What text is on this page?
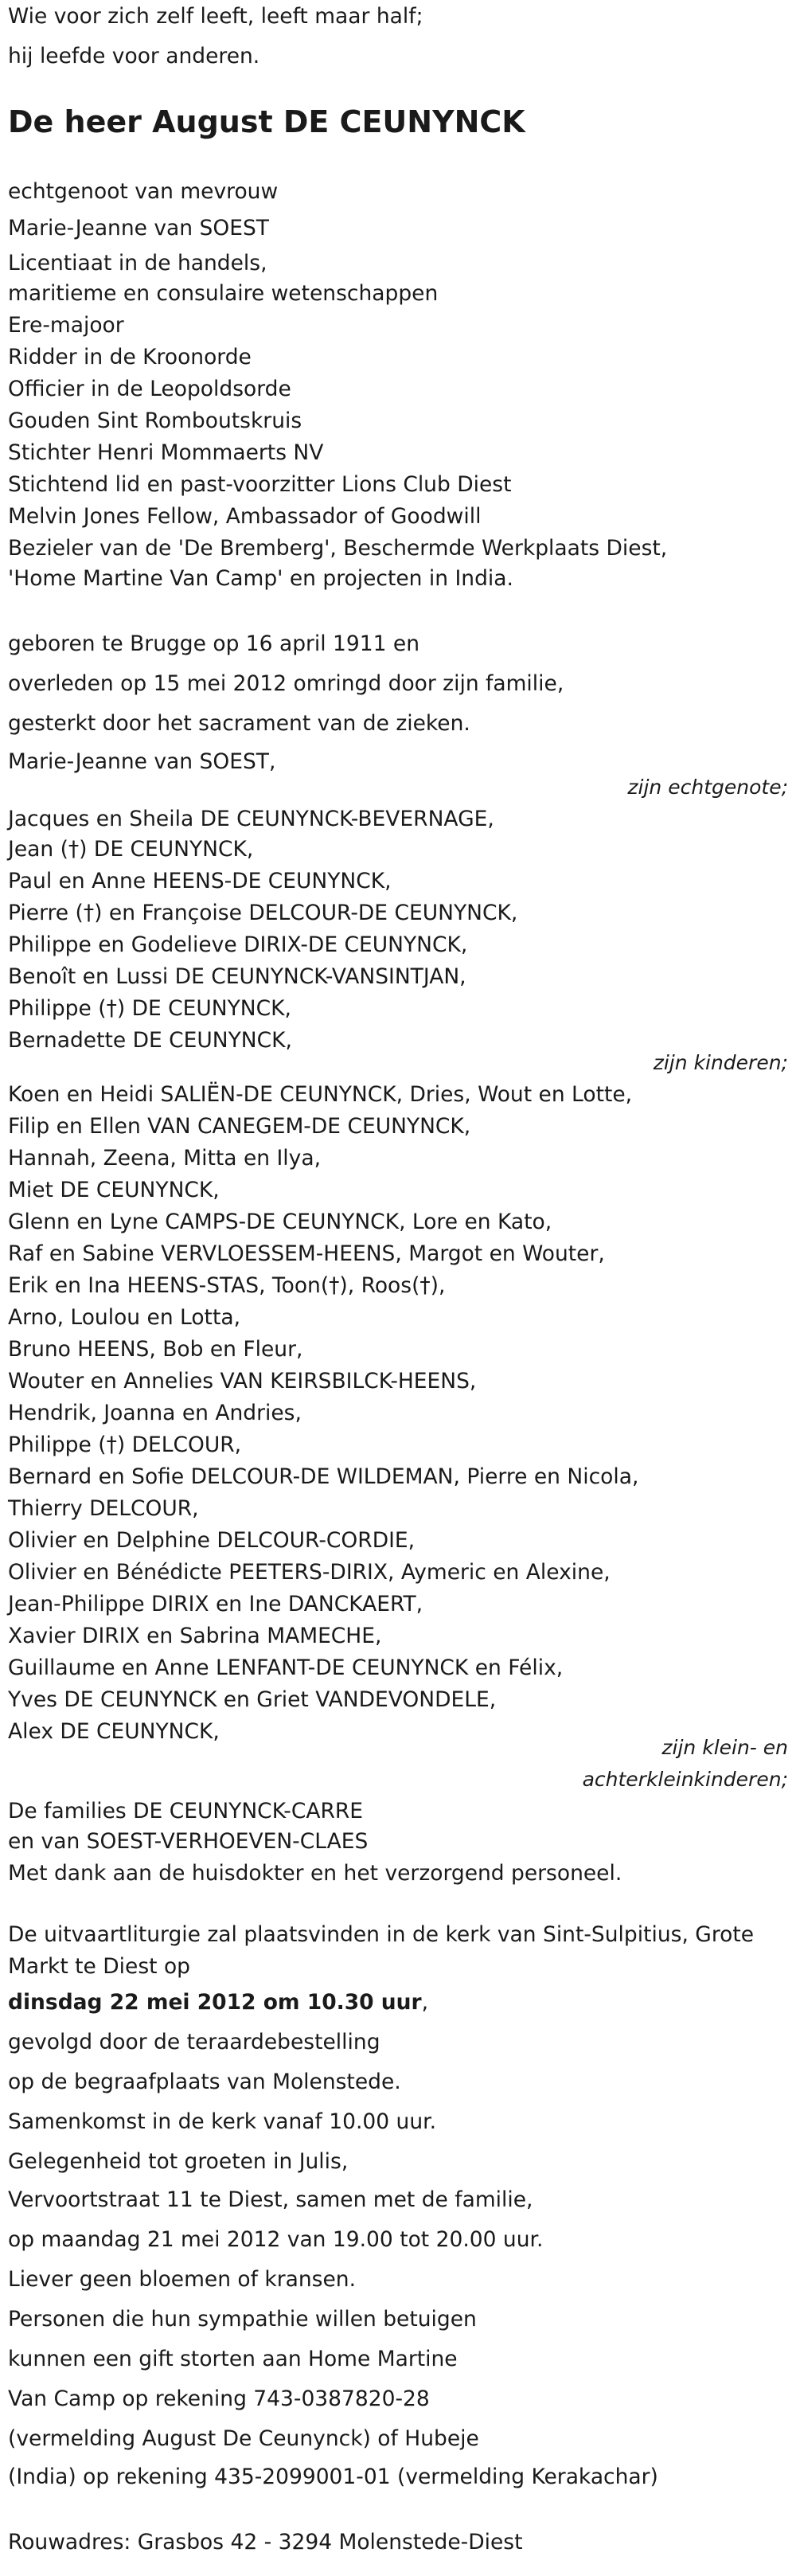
Wie voor zich zelf leeft, leeft maar half;
hij leefde voor anderen.
De heer August DE CEUNYNCK
echtgenoot van mevrouw
Marie-Jeanne van SOEST
Licentiaat in de handels,
maritieme en consulaire wetenschappen
Ere-majoor
Ridder in de Kroonorde
Officier in de Leopoldsorde
Gouden Sint Romboutskruis
Stichter Henri Mommaerts NV
Stichtend lid en past-voorzitter Lions Club Diest
Melvin Jones Fellow, Ambassador of Goodwill
Bezieler van de 'De Bremberg', Beschermde Werkplaats Diest,
'Home Martine Van Camp' en projecten in India.
geboren te Brugge op 16 april 1911 en
overleden op 15 mei 2012 omringd door zijn familie,
gesterkt door het sacrament van de zieken.
Marie-Jeanne van SOEST,
zijn echtgenote;
Jacques en Sheila DE CEUNYNCK-BEVERNAGE,
Jean (†) DE CEUNYNCK,
Paul en Anne HEENS-DE CEUNYNCK,
Pierre (†) en Françoise DELCOUR-DE CEUNYNCK,
Philippe en Godelieve DIRIX-DE CEUNYNCK,
Benoît en Lussi DE CEUNYNCK-VANSINTJAN,
Philippe (†) DE CEUNYNCK,
Bernadette DE CEUNYNCK,
zijn kinderen;
Koen en Heidi SALIËN-DE CEUNYNCK, Dries, Wout en Lotte,
Filip en Ellen VAN CANEGEM-DE CEUNYNCK,
Hannah, Zeena, Mitta en Ilya,
Miet DE CEUNYNCK,
Glenn en Lyne CAMPS-DE CEUNYNCK, Lore en Kato,
Raf en Sabine VERVLOESSEM-HEENS, Margot en Wouter,
Erik en Ina HEENS-STAS, Toon(†), Roos(†),
Arno, Loulou en Lotta,
Bruno HEENS, Bob en Fleur,
Wouter en Annelies VAN KEIRSBILCK-HEENS,
Hendrik, Joanna en Andries,
Philippe (†) DELCOUR,
Bernard en Sofie DELCOUR-DE WILDEMAN, Pierre en Nicola,
Thierry DELCOUR,
Olivier en Delphine DELCOUR-CORDIE,
Olivier en Bénédicte PEETERS-DIRIX, Aymeric en Alexine,
Jean-Philippe DIRIX en Ine DANCKAERT,
Xavier DIRIX en Sabrina MAMECHE,
Guillaume en Anne LENFANT-DE CEUNYNCK en Félix,
Yves DE CEUNYNCK en Griet VANDEVONDELE,
Alex DE CEUNYNCK,
zijn klein- en
achterkleinkinderen;
De families DE CEUNYNCK-CARRE
en van SOEST-VERHOEVEN-CLAES
Met dank aan de huisdokter en het verzorgend personeel.
De uitvaartliturgie zal plaatsvinden in de kerk van Sint-Sulpitius, Grote Markt te Diest op
dinsdag 22 mei 2012 om 10.30 uur,
gevolgd door de teraardebestelling
op de begraafplaats van Molenstede.
Samenkomst in de kerk vanaf 10.00 uur.
Gelegenheid tot groeten in Julis,
Vervoortstraat 11 te Diest, samen met de familie,
op maandag 21 mei 2012 van 19.00 tot 20.00 uur.
Liever geen bloemen of kransen.
Personen die hun sympathie willen betuigen
kunnen een gift storten aan Home Martine
Van Camp op rekening 743-0387820-28
(vermelding August De Ceunynck) of Hubeje
(India) op rekening 435-2099001-01 (vermelding Kerakachar)
Rouwadres: Grasbos 42 - 3294 Molenstede-Diest
